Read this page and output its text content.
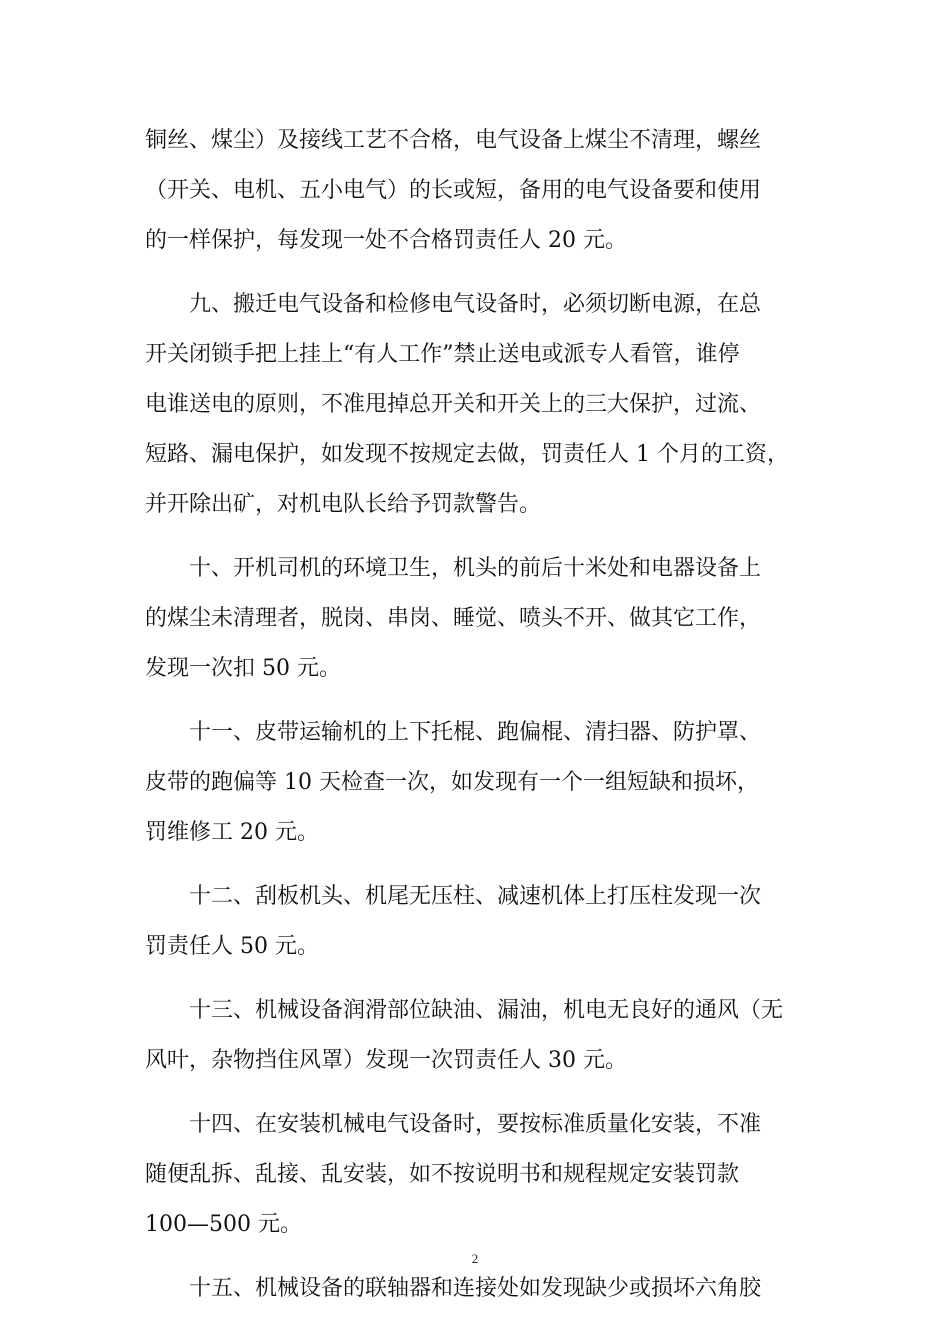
铜丝、煤尘）及接线工艺不合格，电气设备上煤尘不清理，螺丝
（开关、电机、五小电气）的长或短，备用的电气设备要和使用
的一样保护，每发现一处不合格罚责任人 20 元。
九、搬迁电气设备和检修电气设备时，必须切断电源，在总
开关闭锁手把上挂上“有人工作”禁止送电或派专人看管，谁停
电谁送电的原则，不准甩掉总开关和开关上的三大保护，过流、
短路、漏电保护，如发现不按规定去做，罚责任人 1 个月的工资，
并开除出矿，对机电队长给予罚款警告。
十、开机司机的环境卫生，机头的前后十米处和电器设备上
的煤尘未清理者，脱岗、串岗、睡觉、喷头不开、做其它工作，
发现一次扣 50 元。
十一、皮带运输机的上下托棍、跑偏棍、清扫器、防护罩、
皮带的跑偏等 10 天检查一次，如发现有一个一组短缺和损坏，
罚维修工 20 元。
十二、刮板机头、机尾无压柱、减速机体上打压柱发现一次
罚责任人 50 元。
十三、机械设备润滑部位缺油、漏油，机电无良好的通风（无
风叶，杂物挡住风罩）发现一次罚责任人 30 元。
十四、在安装机械电气设备时，要按标准质量化安装，不准
随便乱拆、乱接、乱安装，如不按说明书和规程规定安装罚款
100—500 元。
十五、机械设备的联轴器和连接处如发现缺少或损坏六角胶
2
